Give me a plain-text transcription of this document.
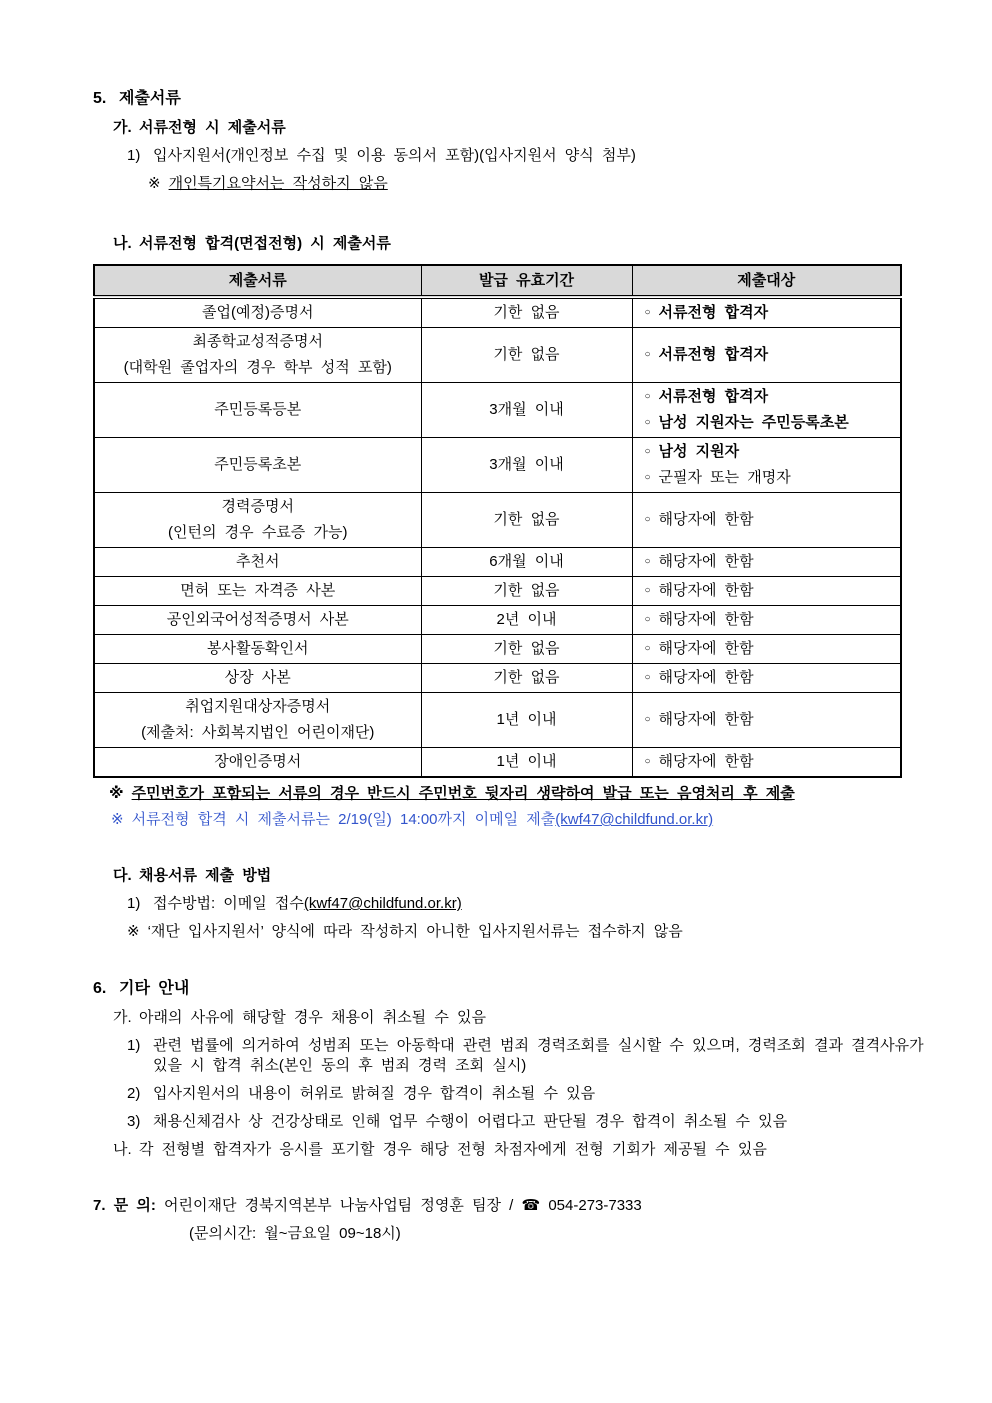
5. 제출서류
가. 서류전형 시 제출서류
1) 입사지원서(개인정보 수집 및 이용 동의서 포함)(입사지원서 양식 첨부)
※ 개인특기요약서는 작성하지 않음
나. 서류전형 합격(면접전형) 시 제출서류
제출서류	발급 유효기간	제출대상
졸업(예정)증명서	기한 없음	○ 서류전형 합격자

최종학교성적증명서
(대학원 졸업자의 경우 학부 성적 포함)
	기한 없음	○ 서류전형 합격자

주민등록등본	3개월 이내	○ 서류전형 합격자
○ 남성 지원자는 주민등록초본

주민등록초본	3개월 이내	○ 남성 지원자
○ 군필자 또는 개명자

경력증명서
(인턴의 경우 수료증 가능)
	기한 없음	○ 해당자에 한함

추천서	6개월 이내	○ 해당자에 한함

면허 또는 자격증 사본	기한 없음	○ 해당자에 한함

공인외국어성적증명서 사본	2년 이내	○ 해당자에 한함

봉사활동확인서	기한 없음	○ 해당자에 한함

상장 사본	기한 없음	○ 해당자에 한함

취업지원대상자증명서
(제출처: 사회복지법인 어린이재단)
	1년 이내	○ 해당자에 한함

장애인증명서	1년 이내	○ 해당자에 한함
※ 주민번호가 포함되는 서류의 경우 반드시 주민번호 뒷자리 생략하여 발급 또는 음영처리 후 제출
※ 서류전형 합격 시 제출서류는 2/19(일) 14:00까지 이메일 제출(kwf47@childfund.or.kr)
다. 채용서류 제출 방법
1) 접수방법: 이메일 접수(kwf47@childfund.or.kr)
※ ‘재단 입사지원서’ 양식에 따라 작성하지 아니한 입사지원서류는 접수하지 않음
6. 기타 안내
가. 아래의 사유에 해당할 경우 채용이 취소될 수 있음
1) 관련 법률에 의거하여 성범죄 또는 아동학대 관련 범죄 경력조회를 실시할 수 있으며, 경력조회 결과 결격사유가 있을 시 합격 취소(본인 동의 후 범죄 경력 조회 실시)
2) 입사지원서의 내용이 허위로 밝혀질 경우 합격이 취소될 수 있음
3) 채용신체검사 상 건강상태로 인해 업무 수행이 어렵다고 판단될 경우 합격이 취소될 수 있음
나. 각 전형별 합격자가 응시를 포기할 경우 해당 전형 차점자에게 전형 기회가 제공될 수 있음
7. 문 의: 어린이재단 경북지역본부 나눔사업팀 정영훈 팀장 / ☎ 054-273-7333
(문의시간: 월~금요일 09~18시)
